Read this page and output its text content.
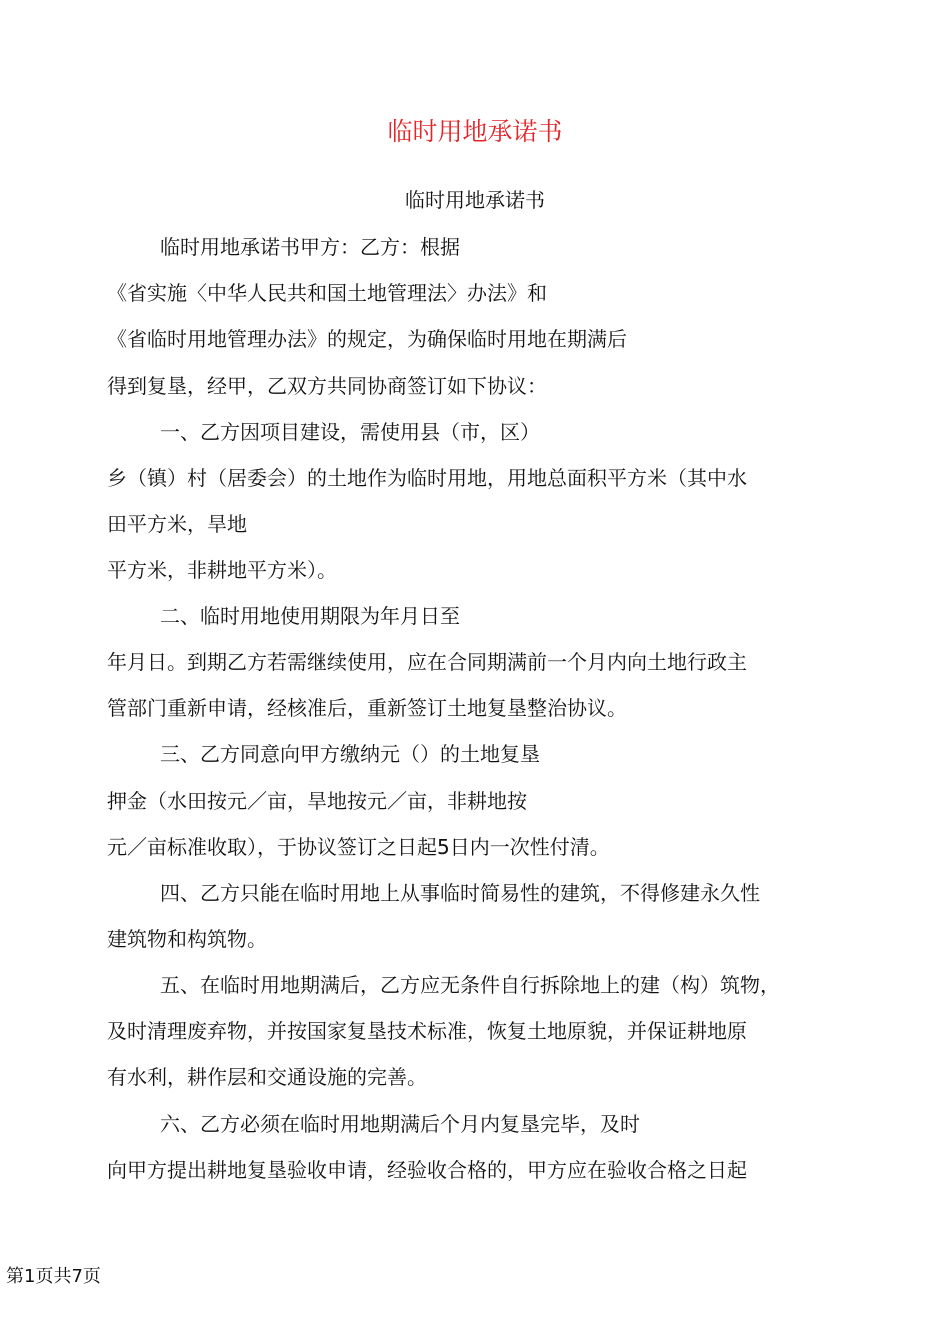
临时用地承诺书
临时用地承诺书
临时用地承诺书甲方：乙方：根据
《省实施〈中华人民共和国土地管理法〉办法》和
《省临时用地管理办法》的规定，为确保临时用地在期满后
得到复垦，经甲，乙双方共同协商签订如下协议：
一、乙方因项目建设，需使用县（市，区）
乡（镇）村（居委会）的土地作为临时用地，用地总面积平方米（其中水
田平方米，旱地
平方米，非耕地平方米）。
二、临时用地使用期限为年月日至
年月日。到期乙方若需继续使用，应在合同期满前一个月内向土地行政主
管部门重新申请，经核准后，重新签订土地复垦整治协议。
三、乙方同意向甲方缴纳元（）的土地复垦
押金（水田按元／亩，旱地按元／亩，非耕地按
元／亩标准收取），于协议签订之日起5日内一次性付清。
四、乙方只能在临时用地上从事临时简易性的建筑，不得修建永久性
建筑物和构筑物。
五、在临时用地期满后，乙方应无条件自行拆除地上的建（构）筑物，
及时清理废弃物，并按国家复垦技术标准，恢复土地原貌，并保证耕地原
有水利，耕作层和交通设施的完善。
六、乙方必须在临时用地期满后个月内复垦完毕，及时
向甲方提出耕地复垦验收申请，经验收合格的，甲方应在验收合格之日起
第1页共7页
